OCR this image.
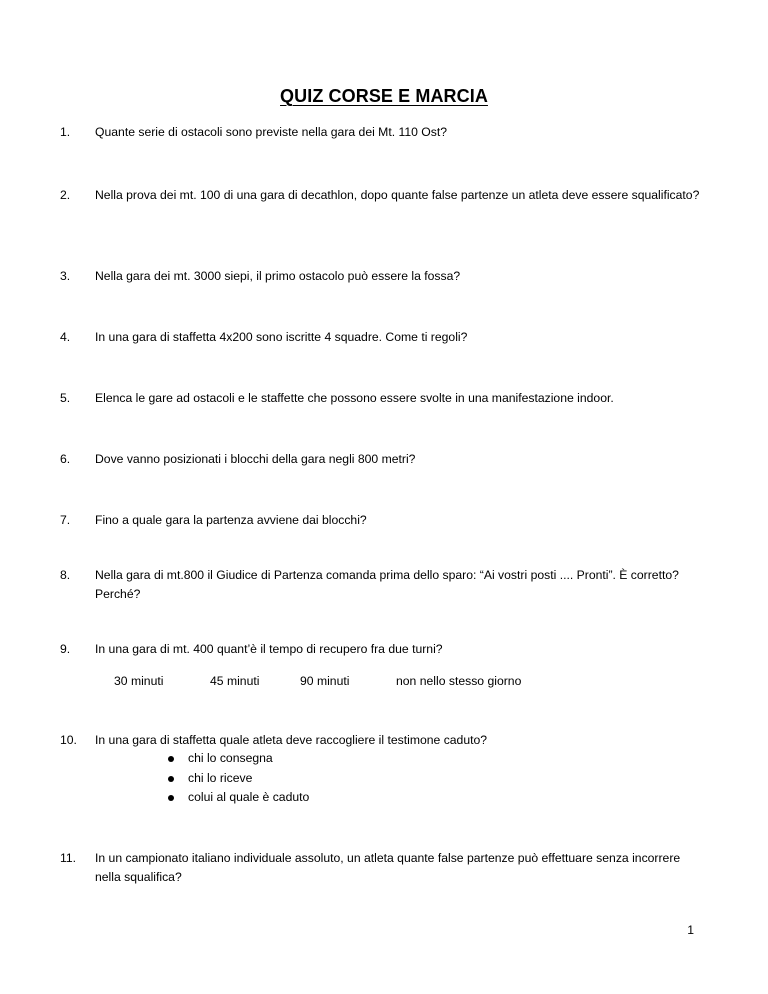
QUIZ CORSE E MARCIA
1.	Quante serie di ostacoli sono previste nella gara dei Mt. 110 Ost?
2.	Nella prova dei mt. 100 di una gara di decathlon, dopo quante false partenze un atleta deve essere squalificato?
3.	Nella gara dei mt. 3000 siepi, il primo ostacolo può essere la fossa?
4.	In una gara di staffetta 4x200 sono iscritte 4 squadre. Come ti regoli?
5.	Elenca le gare ad ostacoli e le staffette che possono essere svolte in una manifestazione indoor.
6.	Dove vanno posizionati i blocchi della gara negli 800 metri?
7.	Fino a quale gara la partenza avviene dai blocchi?
8.	Nella gara di mt.800 il Giudice di Partenza comanda prima dello sparo: “Ai vostri posti .... Pronti”. È corretto? Perché?
9.	In una gara di mt. 400 quant’è il tempo di recupero fra due turni?
30 minuti	45 minuti	90 minuti	non nello stesso giorno
10.	In una gara di staffetta quale atleta deve raccogliere il testimone caduto?
chi lo consegna
chi lo riceve
colui al quale è caduto
11.	In un campionato italiano individuale assoluto, un atleta quante false partenze può effettuare senza incorrere nella squalifica?
1
